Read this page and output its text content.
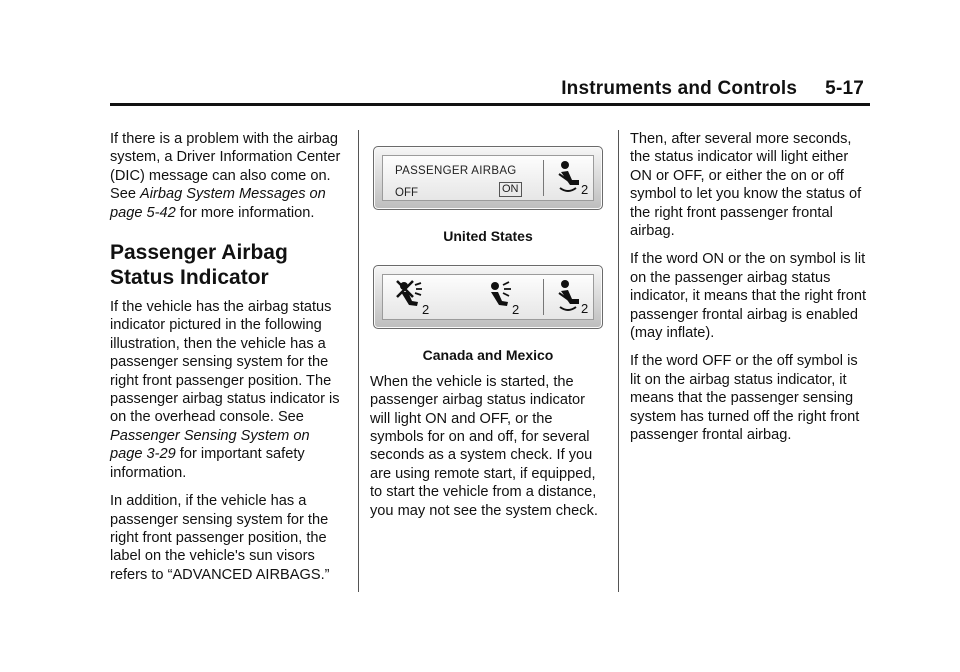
Instruments and Controls 5-17

If there is a problem with the airbag system, a Driver Information Center (DIC) message can also come on. See Airbag System Messages on page 5-42 for more information.

Passenger Airbag Status Indicator

If the vehicle has the airbag status indicator pictured in the following illustration, then the vehicle has a passenger sensing system for the right front passenger position. The passenger airbag status indicator is on the overhead console. See Passenger Sensing System on page 3-29 for important safety information.

In addition, if the vehicle has a passenger sensing system for the right front passenger position, the label on the vehicle's sun visors refers to “ADVANCED AIRBAGS.”

PASSENGER AIRBAG
OFF	ON	2
United States
2	2	2
Canada and Mexico

When the vehicle is started, the passenger airbag status indicator will light ON and OFF, or the symbols for on and off, for several seconds as a system check. If you are using remote start, if equipped, to start the vehicle from a distance, you may not see the system check.

Then, after several more seconds, the status indicator will light either ON or OFF, or either the on or off symbol to let you know the status of the right front passenger frontal airbag.

If the word ON or the on symbol is lit on the passenger airbag status indicator, it means that the right front passenger frontal airbag is enabled (may inflate).

If the word OFF or the off symbol is lit on the airbag status indicator, it means that the passenger sensing system has turned off the right front passenger frontal airbag.
